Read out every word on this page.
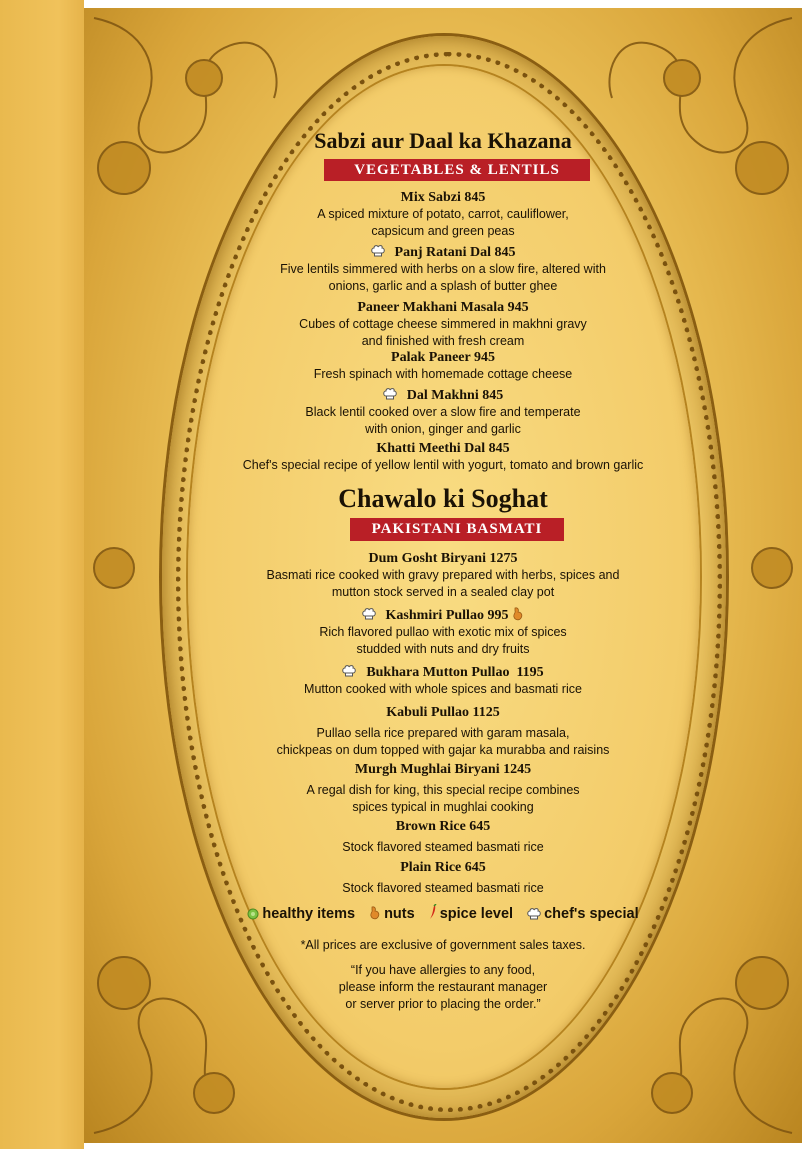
Sabzi aur Daal ka Khazana
VEGETABLES & LENTILS
Mix Sabzi 845
A spiced mixture of potato, carrot, cauliflower,
capsicum and green peas
Panj Ratani Dal 845
Five lentils simmered with herbs on a slow fire, altered with
onions, garlic and a splash of butter ghee
Paneer Makhani Masala 945
Cubes of cottage cheese simmered in makhni gravy
and finished with fresh cream
Palak Paneer 945
Fresh spinach with homemade cottage cheese
Dal Makhni 845
Black lentil cooked over a slow fire and temperate
with onion, ginger and garlic
Khatti Meethi Dal 845
Chef's special recipe of yellow lentil with yogurt, tomato and brown garlic
Chawalo ki Soghat
PAKISTANI BASMATI
Dum Gosht Biryani 1275
Basmati rice cooked with gravy prepared with herbs, spices and
mutton stock served in a sealed clay pot
Kashmiri Pullao 995
Rich flavored pullao with exotic mix of spices
studded with nuts and dry fruits
Bukhara Mutton Pullao  1195
Mutton cooked with whole spices and basmati rice
Kabuli Pullao 1125
Pullao sella rice prepared with garam masala,
chickpeas on dum topped with gajar ka murabba and raisins
Murgh Mughlai Biryani 1245
A regal dish for king, this special recipe combines
spices typical in mughlai cooking
Brown Rice 645
Stock flavored steamed basmati rice
Plain Rice 645
Stock flavored steamed basmati rice
healthy items nuts spice level chef's special
*All prices are exclusive of government sales taxes.
“If you have allergies to any food,
please inform the restaurant manager
or server prior to placing the order.”
